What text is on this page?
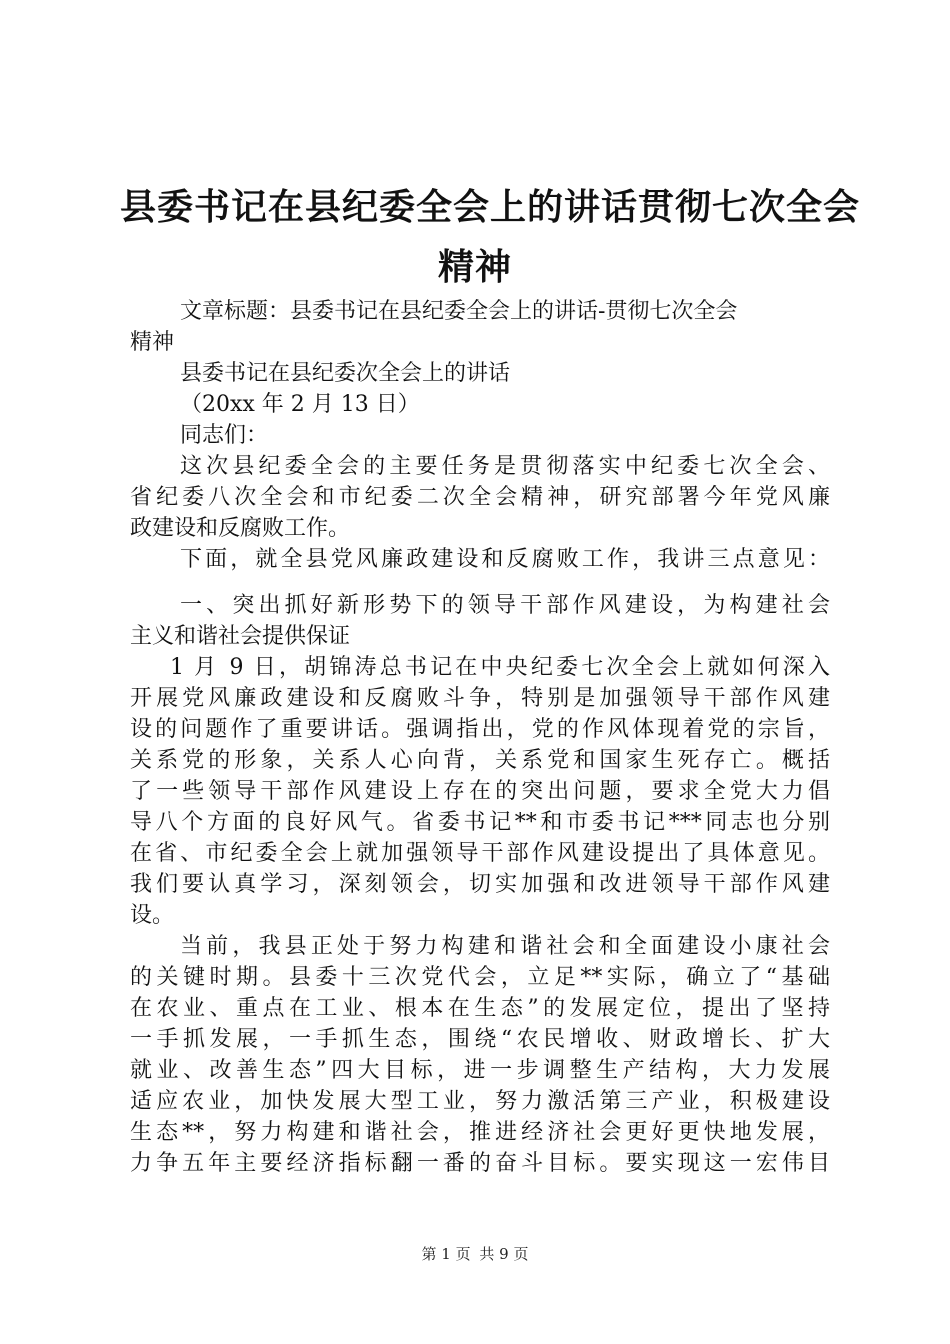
县委书记在县纪委全会上的讲话贯彻七次全会
精神
文章标题：县委书记在县纪委全会上的讲话-贯彻七次全会
精神
县委书记在县纪委次全会上的讲话
（20xx 年 2 月 13 日）
同志们：
这次县纪委全会的主要任务是贯彻落实中纪委七次全会、
省纪委八次全会和市纪委二次全会精神，研究部署今年党风廉
政建设和反腐败工作。
下面，就全县党风廉政建设和反腐败工作，我讲三点意见：
一、突出抓好新形势下的领导干部作风建设，为构建社会
主义和谐社会提供保证
1 月 9 日，胡锦涛总书记在中央纪委七次全会上就如何深入
开展党风廉政建设和反腐败斗争，特别是加强领导干部作风建
设的问题作了重要讲话。强调指出，党的作风体现着党的宗旨，
关系党的形象，关系人心向背，关系党和国家生死存亡。概括
了一些领导干部作风建设上存在的突出问题，要求全党大力倡
导八个方面的良好风气。省委书记**和市委书记***同志也分别
在省、市纪委全会上就加强领导干部作风建设提出了具体意见。
我们要认真学习，深刻领会，切实加强和改进领导干部作风建
设。
当前，我县正处于努力构建和谐社会和全面建设小康社会
的关键时期。县委十三次党代会，立足**实际，确立了“基础
在农业、重点在工业、根本在生态”的发展定位，提出了坚持
一手抓发展，一手抓生态，围绕“农民增收、财政增长、扩大
就业、改善生态”四大目标，进一步调整生产结构，大力发展
适应农业，加快发展大型工业，努力激活第三产业，积极建设
生态**，努力构建和谐社会，推进经济社会更好更快地发展，
力争五年主要经济指标翻一番的奋斗目标。要实现这一宏伟目
第 1 页 共 9 页
